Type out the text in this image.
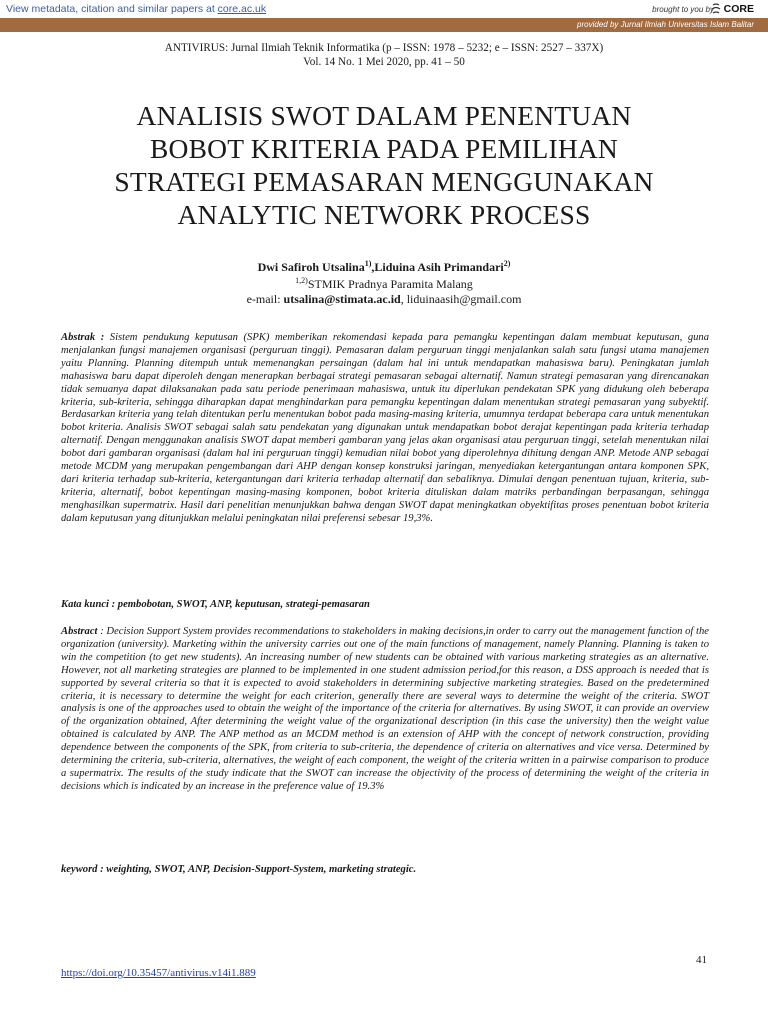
View metadata, citation and similar papers at core.ac.uk	brought to you by CORE
provided by Jurnal Ilmiah Universitas Islam Balitar
ANTIVIRUS: Jurnal Ilmiah Teknik Informatika (p – ISSN: 1978 – 5232; e – ISSN: 2527 – 337X)
Vol. 14 No. 1 Mei 2020, pp. 41 – 50
ANALISIS SWOT DALAM PENENTUAN
BOBOT KRITERIA PADA PEMILIHAN
STRATEGI PEMASARAN MENGGUNAKAN
ANALYTIC NETWORK PROCESS
Dwi Safiroh Utsalina$^{1)}$,Liduina Asih Primandari$^{2)}$
$^{1,2)}$STMIK Pradnya Paramita Malang
e-mail: utsalina@stimata.ac.id, liduinaasih@gmail.com
Abstrak : Sistem pendukung keputusan (SPK) memberikan rekomendasi kepada para pemangku kepentingan dalam membuat keputusan, guna menjalankan fungsi manajemen organisasi (perguruan tinggi). Pemasaran dalam perguruan tinggi menjalankan salah satu fungsi utama manajemen yaitu Planning. Planning ditempuh untuk memenangkan persaingan (dalam hal ini untuk mendapatkan mahasiswa baru). Peningkatan jumlah mahasiswa baru dapat diperoleh dengan menerapkan berbagai strategi pemasaran sebagai alternatif. Namun strategi pemasaran yang direncanakan tidak semuanya dapat dilaksanakan pada satu periode penerimaan mahasiswa, untuk itu diperlukan pendekatan SPK yang didukung oleh beberapa kriteria, sub-kriteria, sehingga diharapkan dapat menghindarkan para pemangku kepentingan dalam menentukan strategi pemasaran yang subyektif. Berdasarkan kriteria yang telah ditentukan perlu menentukan bobot pada masing-masing kriteria, umumnya terdapat beberapa cara untuk menentukan bobot kriteria. Analisis SWOT sebagai salah satu pendekatan yang digunakan untuk mendapatkan bobot derajat kepentingan pada kriteria terhadap alternatif. Dengan menggunakan analisis SWOT dapat memberi gambaran yang jelas akan organisasi atau perguruan tinggi, setelah menentukan nilai bobot dari gambaran organisasi (dalam hal ini perguruan tinggi) kemudian nilai bobot yang diperolehnya dihitung dengan ANP. Metode ANP sebagai metode MCDM yang merupakan pengembangan dari AHP dengan konsep konstruksi jaringan, menyediakan ketergantungan antara komponen SPK, dari kriteria terhadap sub-kriteria, ketergantungan dari kriteria terhadap alternatif dan sebaliknya. Dimulai dengan penentuan tujuan, kriteria, sub-kriteria, alternatif, bobot kepentingan masing-masing komponen, bobot kriteria dituliskan dalam matriks perbandingan berpasangan, sehingga menghasilkan supermatrix. Hasil dari penelitian menunjukkan bahwa dengan SWOT dapat meningkatkan obyektifitas proses penentuan bobot kriteria dalam keputusan yang ditunjukkan melalui peningkatan nilai preferensi sebesar 19,3%.
Kata kunci : pembobotan, SWOT, ANP, keputusan, strategi-pemasaran
Abstract : Decision Support System provides recommendations to stakeholders in making decisions,in order to carry out the management function of the organization (university). Marketing within the university carries out one of the main functions of management, namely Planning. Planning is taken to win the competition (to get new students). An increasing number of new students can be obtained with various marketing strategies as an alternative. However, not all marketing strategies are planned to be implemented in one student admission period,for this reason, a DSS approach is needed that is supported by several criteria so that it is expected to avoid stakeholders in determining subjective marketing strategies. Based on the predetermined criteria, it is necessary to determine the weight for each criterion, generally there are several ways to determine the weight of the criteria. SWOT analysis is one of the approaches used to obtain the weight of the importance of the criteria for alternatives. By using SWOT, it can provide an overview of the organization obtained, After determining the weight value of the organizational description (in this case the university) then the weight value obtained is calculated by ANP. The ANP method as an MCDM method is an extension of AHP with the concept of network construction, providing dependence between the components of the SPK, from criteria to sub-criteria, the dependence of criteria on alternatives and vice versa. Determined by determining the criteria, sub-criteria, alternatives, the weight of each component, the weight of the criteria written in a pairwise comparison to produce a supermatrix. The results of the study indicate that the SWOT can increase the objectivity of the process of determining the weight of the criteria in decisions which is indicated by an increase in the preference value of 19.3%
keyword : weighting, SWOT, ANP, Decision-Support-System, marketing strategic.
41
https://doi.org/10.35457/antivirus.v14i1.889
